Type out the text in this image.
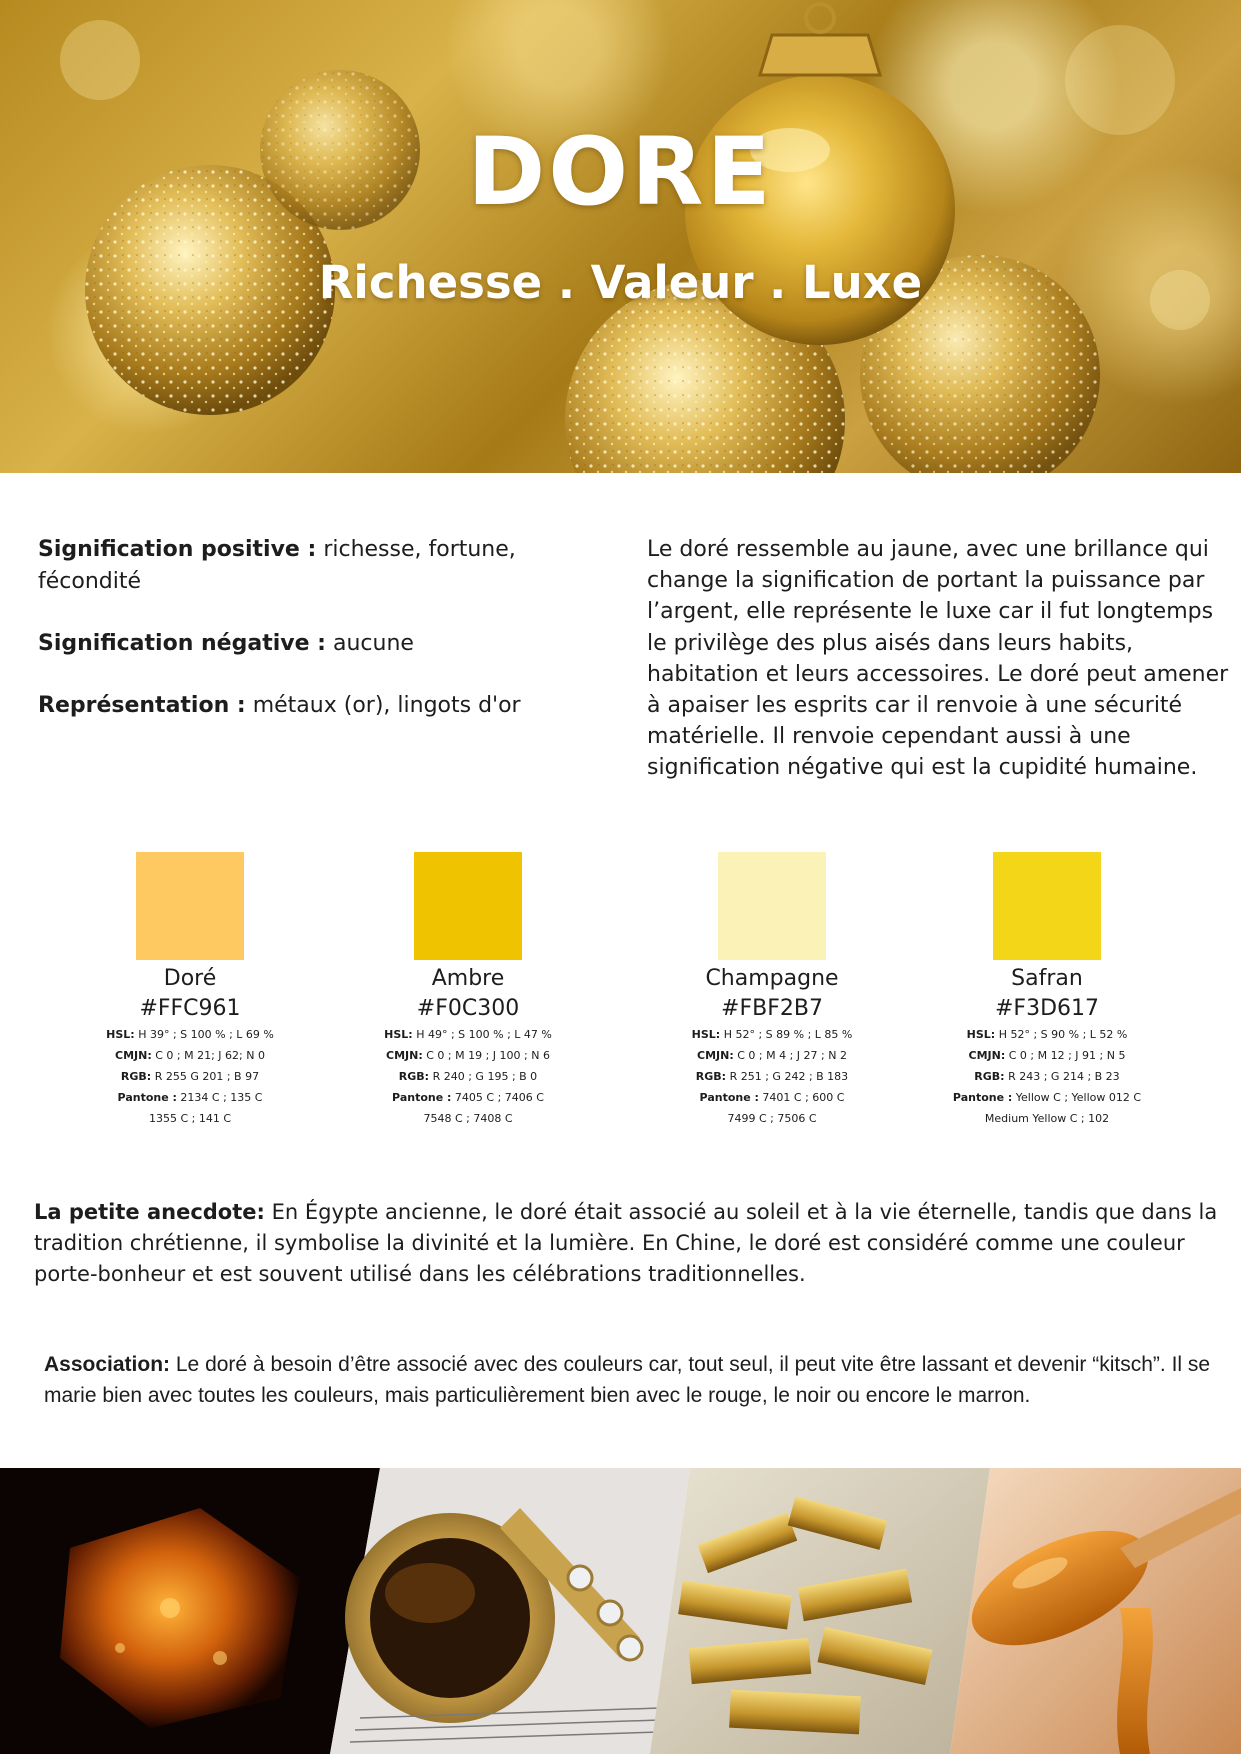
DORE
Richesse . Valeur . Luxe

Signification positive : richesse, fortune, fécondité

Signification négative : aucune

Représentation : métaux (or), lingots d'or

Le doré ressemble au jaune, avec une brillance qui change la signification de portant la puissance par l’argent, elle représente le luxe car il fut longtemps le privilège des plus aisés dans leurs habits, habitation et leurs accessoires. Le doré peut amener à apaiser les esprits car il renvoie à une sécurité matérielle. Il renvoie cependant aussi à une signification négative qui est la cupidité humaine.
Doré
#FFC961
HSL: H 39° ; S 100 % ; L 69 %
CMJN: C 0 ; M 21; J 62; N 0
RGB: R 255 G 201 ; B 97
Pantone : 2134 C ; 135 C
1355 C ; 141 C
Ambre
#F0C300
HSL: H 49° ; S 100 % ; L 47 %
CMJN: C 0 ; M 19 ; J 100 ; N 6
RGB: R 240 ; G 195 ; B 0
Pantone : 7405 C ; 7406 C
7548 C ; 7408 C
Champagne
#FBF2B7
HSL: H 52° ; S 89 % ; L 85 %
CMJN: C 0 ; M 4 ; J 27 ; N 2
RGB: R 251 ; G 242 ; B 183
Pantone : 7401 C ; 600 C
7499 C ; 7506 C
Safran
#F3D617
HSL: H 52° ; S 90 % ; L 52 %
CMJN: C 0 ; M 12 ; J 91 ; N 5
RGB: R 243 ; G 214 ; B 23
Pantone : Yellow C ; Yellow 012 C
Medium Yellow C ; 102
La petite anecdote: En Égypte ancienne, le doré était associé au soleil et à la vie éternelle, tandis que dans la tradition chrétienne, il symbolise la divinité et la lumière. En Chine, le doré est considéré comme une couleur porte-bonheur et est souvent utilisé dans les célébrations traditionnelles.
Association: Le doré à besoin d’être associé avec des couleurs car, tout seul, il peut vite être lassant et devenir “kitsch”. Il se marie bien avec toutes les couleurs, mais particulièrement bien avec le rouge, le noir ou encore le marron.
